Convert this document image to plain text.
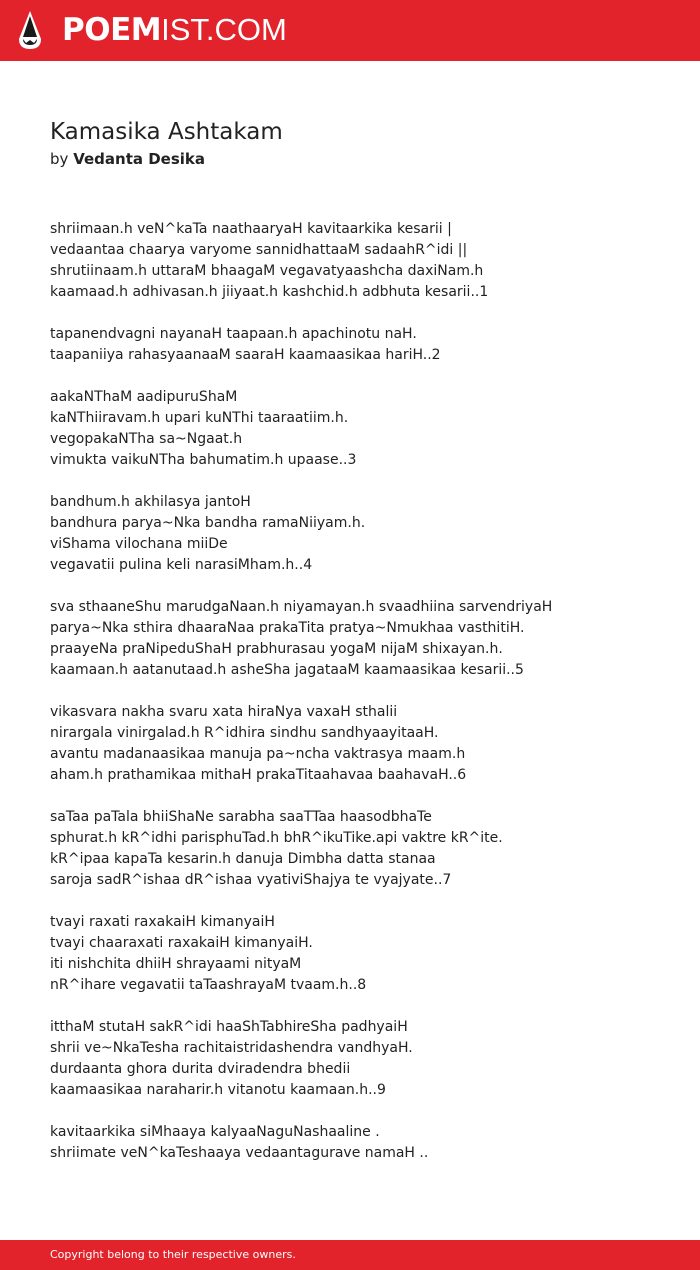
POEMIST.COM
Kamasika Ashtakam
by Vedanta Desika
shriimaan.h veN^kaTa naathaaryaH kavitaarkika kesarii |
vedaantaa chaarya varyome sannidhattaaM sadaahR^idi ||
shrutiinaam.h uttaraM bhaagaM vegavatyaashcha daxiNam.h
kaamaad.h adhivasan.h jiiyaat.h kashchid.h adbhuta kesarii..1
tapanendvagni nayanaH taapaan.h apachinotu naH.
taapaniiya rahasyaanaaM saaraH kaamaasikaa hariH..2
aakaNThaM aadipuruShaM
kaNThiiravam.h upari kuNThi taaraatiim.h.
vegopakaNTha sa~Ngaat.h
vimukta vaikuNTha bahumatim.h upaase..3
bandhum.h akhilasya jantoH
bandhura parya~Nka bandha ramaNiiyam.h.
viShama vilochana miiDe
vegavatii pulina keli narasiMham.h..4
sva sthaaneShu marudgaNaan.h niyamayan.h svaadhiina sarvendriyaH
parya~Nka sthira dhaaraNaa prakaTita pratya~Nmukhaa vasthitiH.
praayeNa praNipeduShaH prabhurasau yogaM nijaM shixayan.h.
kaamaan.h aatanutaad.h asheSha jagataaM kaamaasikaa kesarii..5
vikasvara nakha svaru xata hiraNya vaxaH sthalii
nirargala vinirgalad.h R^idhira sindhu sandhyaayitaaH.
avantu madanaasikaa manuja pa~ncha vaktrasya maam.h
aham.h prathamikaa mithaH prakaTitaahavaa baahavaH..6
saTaa paTala bhiiShaNe sarabha saaTTaa haasodbhaTe
sphurat.h kR^idhi parisphuTad.h bhR^ikuTike.api vaktre kR^ite.
kR^ipaa kapaTa kesarin.h danuja Dimbha datta stanaa
saroja sadR^ishaa dR^ishaa vyativiShajya te vyajyate..7
tvayi raxati raxakaiH kimanyaiH
tvayi chaaraxati raxakaiH kimanyaiH.
iti nishchita dhiiH shrayaami nityaM
nR^ihare vegavatii taTaashrayaM tvaam.h..8
itthaM stutaH sakR^idi haaShTabhireSha padhyaiH
shrii ve~NkaTesha rachitaistridashendra vandhyaH.
durdaanta ghora durita dviradendra bhedii
kaamaasikaa naraharir.h vitanotu kaamaan.h..9
kavitaarkika siMhaaya kalyaaNaguNashaaline .
shriimate veN^kaTeshaaya vedaantagurave namaH ..
Copyright belong to their respective owners.
